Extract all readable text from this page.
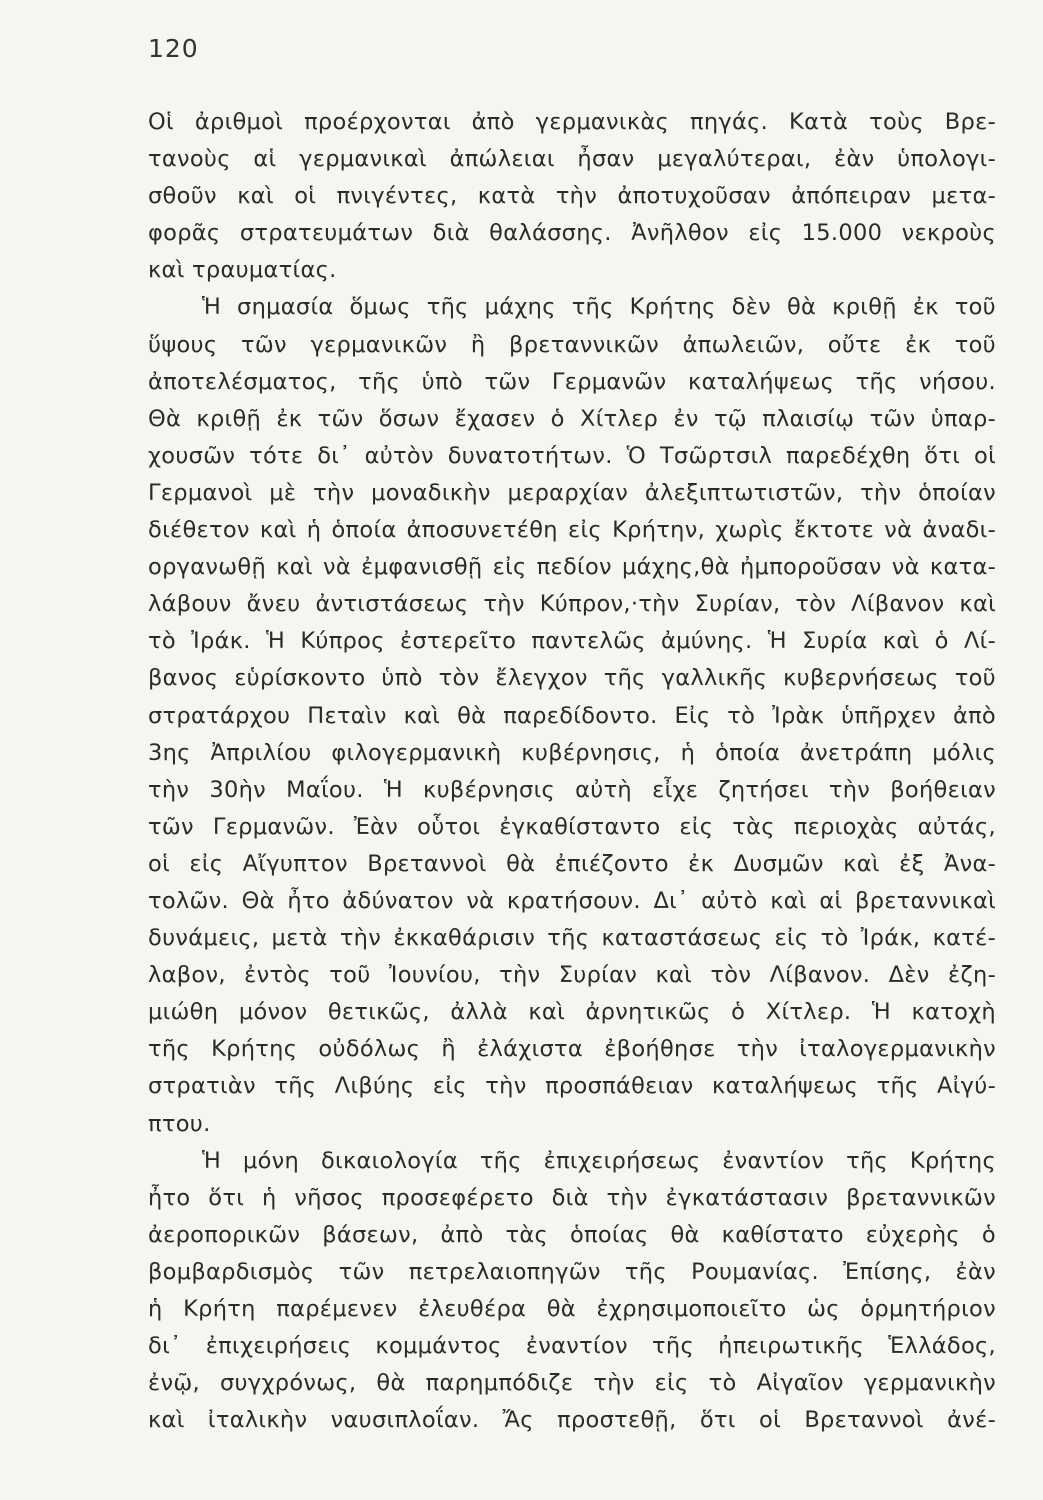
120
Οἱ ἀριθμοὶ προέρχονται ἀπὸ γερμανικὰς πηγάς. Κατὰ τοὺς Βρε-
τανοὺς αἱ γερμανικαὶ ἀπώλειαι ἦσαν μεγαλύτεραι, ἐὰν ὑπολογι-
σθοῦν καὶ οἱ πνιγέντες, κατὰ τὴν ἀποτυχοῦσαν ἀπόπειραν μετα-
φορᾶς στρατευμάτων διὰ θαλάσσης. Ἀνῆλθον εἰς 15.000 νεκροὺς
καὶ τραυματίας.
Ἡ σημασία ὅμως τῆς μάχης τῆς Κρήτης δὲν θὰ κριθῇ ἐκ τοῦ
ὕψους τῶν γερμανικῶν ἢ βρεταννικῶν ἀπωλειῶν, οὔτε ἐκ τοῦ
ἀποτελέσματος, τῆς ὑπὸ τῶν Γερμανῶν καταλήψεως τῆς νήσου.
Θὰ κριθῇ ἐκ τῶν ὅσων ἔχασεν ὁ Χίτλερ ἐν τῷ πλαισίῳ τῶν ὑπαρ-
χουσῶν τότε δι᾽ αὐτὸν δυνατοτήτων. Ὁ Τσῶρτσιλ παρεδέχθη ὅτι οἱ
Γερμανοὶ μὲ τὴν μοναδικὴν μεραρχίαν ἀλεξιπτωτιστῶν, τὴν ὁποίαν
διέθετον καὶ ἡ ὁποία ἀποσυνετέθη εἰς Κρήτην, χωρὶς ἔκτοτε νὰ ἀναδι-
οργανωθῇ καὶ νὰ ἐμφανισθῇ εἰς πεδίον μάχης,θὰ ἠμποροῦσαν νὰ κατα-
λάβουν ἄνευ ἀντιστάσεως τὴν Κύπρον,·τὴν Συρίαν, τὸν Λίβανον καὶ
τὸ Ἰράκ. Ἡ Κύπρος ἐστερεῖτο παντελῶς ἀμύνης. Ἡ Συρία καὶ ὁ Λί-
βανος εὑρίσκοντο ὑπὸ τὸν ἔλεγχον τῆς γαλλικῆς κυβερνήσεως τοῦ
στρατάρχου Πεταὶν καὶ θὰ παρεδίδοντο. Εἰς τὸ Ἰρὰκ ὑπῆρχεν ἀπὸ
3ης Ἀπριλίου φιλογερμανικὴ κυβέρνησις, ἡ ὁποία ἀνετράπη μόλις
τὴν 30ὴν Μαΐου. Ἡ κυβέρνησις αὐτὴ εἶχε ζητήσει τὴν βοήθειαν
τῶν Γερμανῶν. Ἐὰν οὗτοι ἐγκαθίσταντο εἰς τὰς περιοχὰς αὐτάς,
οἱ εἰς Αἴγυπτον Βρεταννοὶ θὰ ἐπιέζοντο ἐκ Δυσμῶν καὶ ἐξ Ἀνα-
τολῶν. Θὰ ἦτο ἀδύνατον νὰ κρατήσουν. Δι᾽ αὐτὸ καὶ αἱ βρεταννικαὶ
δυνάμεις, μετὰ τὴν ἐκκαθάρισιν τῆς καταστάσεως εἰς τὸ Ἰράκ, κατέ-
λαβον, ἐντὸς τοῦ Ἰουνίου, τὴν Συρίαν καὶ τὸν Λίβανον. Δὲν ἐζη-
μιώθη μόνον θετικῶς, ἀλλὰ καὶ ἀρνητικῶς ὁ Χίτλερ. Ἡ κατοχὴ
τῆς Κρήτης οὐδόλως ἢ ἐλάχιστα ἐβοήθησε τὴν ἰταλογερμανικὴν
στρατιὰν τῆς Λιβύης εἰς τὴν προσπάθειαν καταλήψεως τῆς Αἰγύ-
πτου.
Ἡ μόνη δικαιολογία τῆς ἐπιχειρήσεως ἐναντίον τῆς Κρήτης
ἦτο ὅτι ἡ νῆσος προσεφέρετο διὰ τὴν ἐγκατάστασιν βρεταννικῶν
ἀεροπορικῶν βάσεων, ἀπὸ τὰς ὁποίας θὰ καθίστατο εὐχερὴς ὁ
βομβαρδισμὸς τῶν πετρελαιοπηγῶν τῆς Ρουμανίας. Ἐπίσης, ἐὰν
ἡ Κρήτη παρέμενεν ἐλευθέρα θὰ ἐχρησιμοποιεῖτο ὡς ὁρμητήριον
δι᾽ ἐπιχειρήσεις κομμάντος ἐναντίον τῆς ἠπειρωτικῆς Ἑλλάδος,
ἐνῷ, συγχρόνως, θὰ παρημπόδιζε τὴν εἰς τὸ Αἰγαῖον γερμανικὴν
καὶ ἰταλικὴν ναυσιπλοΐαν. Ἄς προστεθῇ, ὅτι οἱ Βρεταννοὶ ἀνέ-
